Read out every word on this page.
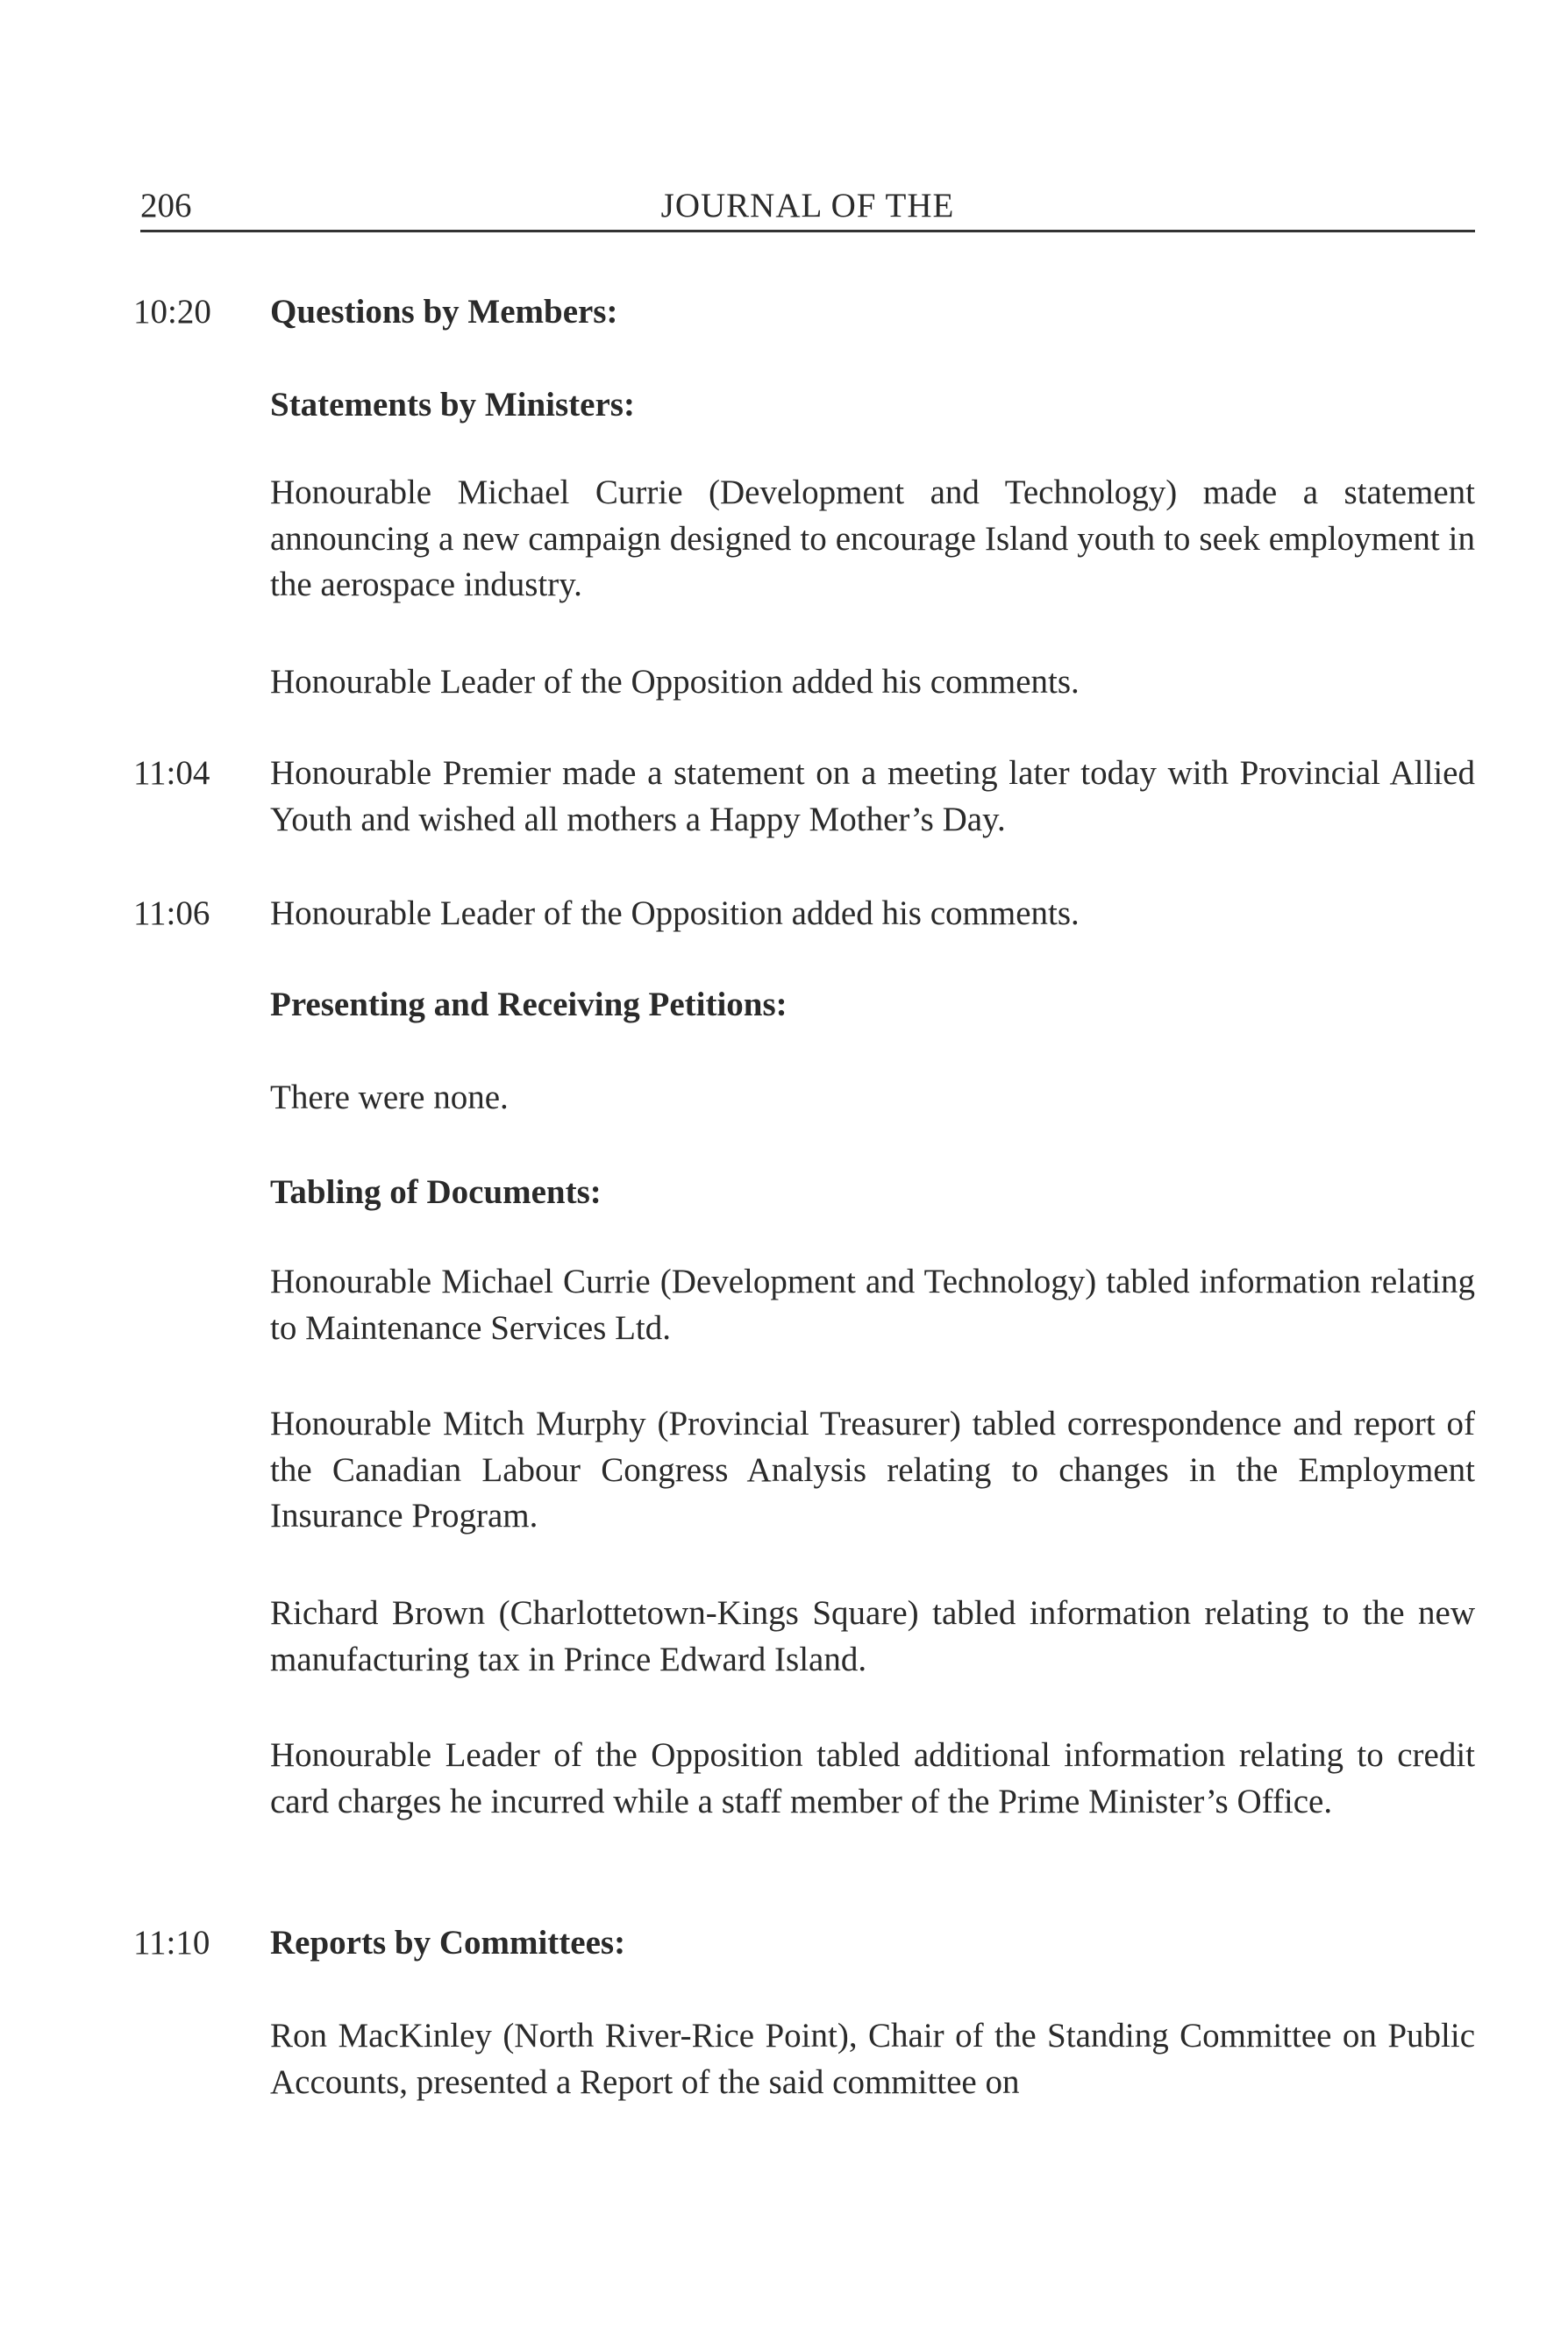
206	JOURNAL OF THE
10:20 Questions by Members:
Statements by Ministers:
Honourable Michael Currie (Development and Technology) made a statement announcing a new campaign designed to encourage Island youth to seek employment in the aerospace industry.
Honourable Leader of the Opposition added his comments.
11:04 Honourable Premier made a statement on a meeting later today with Provincial Allied Youth and wished all mothers a Happy Mother’s Day.
11:06 Honourable Leader of the Opposition added his comments.
Presenting and Receiving Petitions:
There were none.
Tabling of Documents:
Honourable Michael Currie (Development and Technology) tabled information relating to Maintenance Services Ltd.
Honourable Mitch Murphy (Provincial Treasurer) tabled correspondence and report of the Canadian Labour Congress Analysis relating to changes in the Employment Insurance Program.
Richard Brown (Charlottetown-Kings Square) tabled information relating to the new manufacturing tax in Prince Edward Island.
Honourable Leader of the Opposition tabled additional information relating to credit card charges he incurred while a staff member of the Prime Minister’s Office.
11:10 Reports by Committees:
Ron MacKinley (North River-Rice Point), Chair of the Standing Committee on Public Accounts, presented a Report of the said committee on
